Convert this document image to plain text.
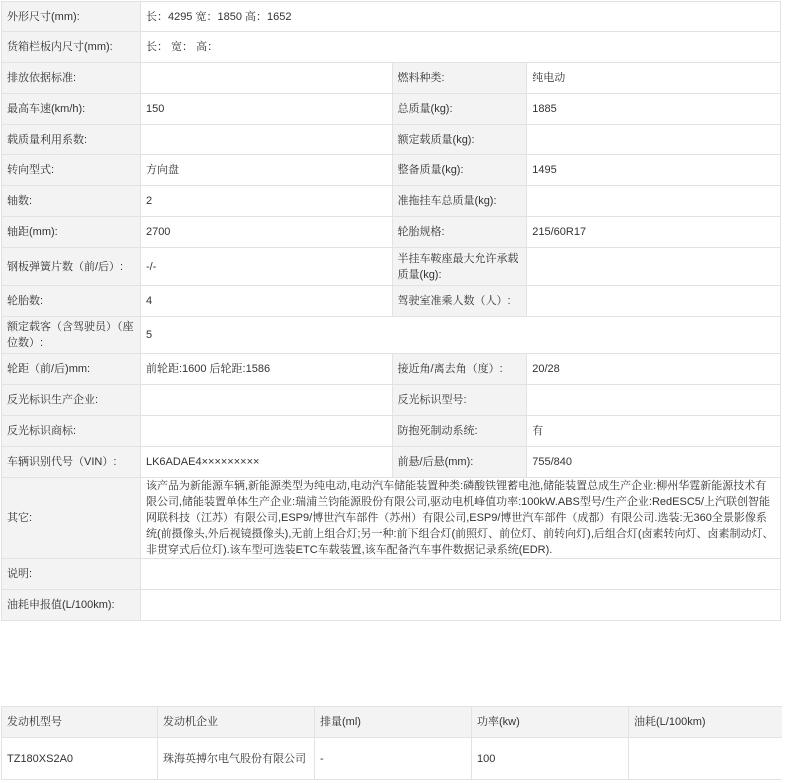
外形尺寸(mm):	长：4295 宽：1850 高：1652		
货箱栏板内尺寸(mm):	长： 宽： 高：		
排放依据标准:		燃料种类:	纯电动
最高车速(km/h):	150	总质量(kg):	1885
载质量利用系数:		额定载质量(kg):	
转向型式:	方向盘	整备质量(kg):	1495
轴数:	2	准拖挂车总质量(kg):	
轴距(mm):	2700	轮胎规格:	215/60R17
钢板弹簧片数（前/后）:	-/-	半挂车鞍座最大允许承载质量(kg):	
轮胎数:	4	驾驶室准乘人数（人）:	
额定载客（含驾驶员）（座位数）:	5		
轮距（前/后)mm:	前轮距:1600 后轮距:1586	接近角/离去角（度）:	20/28
反光标识生产企业:		反光标识型号:	
反光标识商标:		防抱死制动系统:	有
车辆识别代号（VIN）:	LK6ADAE4×××××××××	前悬/后悬(mm):	755/840
其它:	该产品为新能源车辆,新能源类型为纯电动,电动汽车储能装置种类:磷酸铁锂蓄电池,储能装置总成生产企业:柳州华霆新能源技术有限公司,储能装置单体生产企业:瑞浦兰钧能源股份有限公司,驱动电机峰值功率:100kW.ABS型号/生产企业:RedESC5/上汽联创智能网联科技（江苏）有限公司,ESP9/博世汽车部件（苏州）有限公司,ESP9/博世汽车部件（成都）有限公司.选装:无360全景影像系统(前摄像头,外后视镜摄像头),无前上组合灯;另一种:前下组合灯(前照灯、前位灯、前转向灯),后组合灯(卤素转向灯、卤素制动灯、非贯穿式后位灯).该车型可选装ETC车载装置,该车配备汽车事件数据记录系统(EDR).		
说明:			
油耗申报值(L/100km):			
发动机型号	发动机企业	排量(ml)	功率(kw)	油耗(L/100km)
TZ180XS2A0	珠海英搏尔电气股份有限公司	-	100	
